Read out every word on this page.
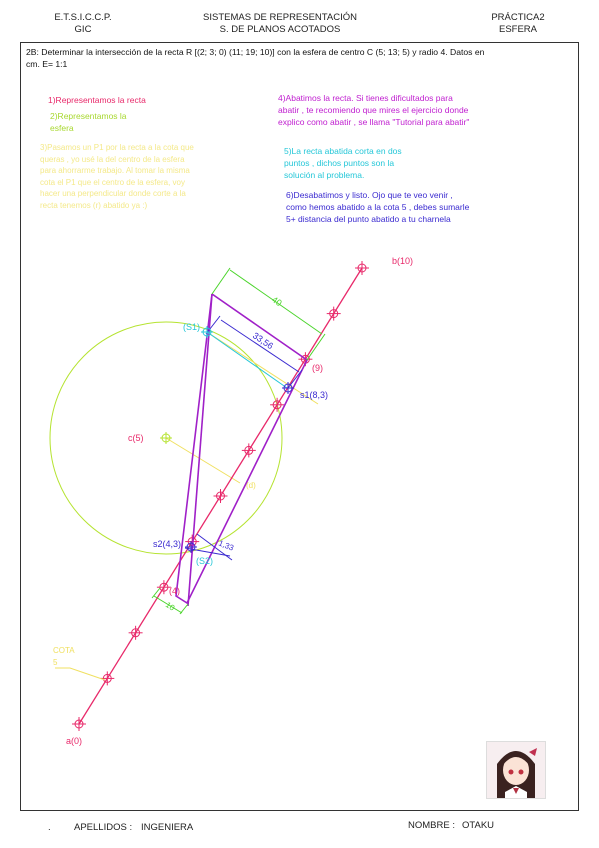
E.T.S.I.C.C.P.
GIC
SISTEMAS DE REPRESENTACIÓN
S. DE PLANOS ACOTADOS
PRÁCTICA2
ESFERA
2B: Determinar la intersección de la recta R [(2; 3; 0) (11; 19; 10)] con la esfera de centro C (5; 13; 5) y radio 4. Datos en
cm. E= 1:1
1)Representamos la recta
2)Representamos la
esfera
3)Pasamos un P1 por la recta a la cota que
queras , yo usé la del centro de la esfera
para ahorrarme trabajo. Al tomar la misma
cota el P1 que el centro de la esfera, voy
hacer una perpendicular donde corte a la
recta tenemos (r) abatido ya :)
4)Abatimos la recta. Si tienes dificultados para
abatir , te recomiendo que mires el ejercicio donde
explico como abatir , se llama "Tutorial para abatir"
5)La recta abatida corta en dos
puntos , dichos puntos son la
solución al problema.
6)Desabatimos y listo. Ojo que te veo venir ,
como hemos abatido a la cota 5 , debes sumarle
5+ distancia del punto abatido a tu charnela
b(10)
a(0)
c(5)
(9)
(4)
s1(8,3)
s2(4,3)
(S1)
(S2)
(d)
40
33,56
1,33
10
COTA
5
. APELLIDOS : INGENIERA	NOMBRE : OTAKU
